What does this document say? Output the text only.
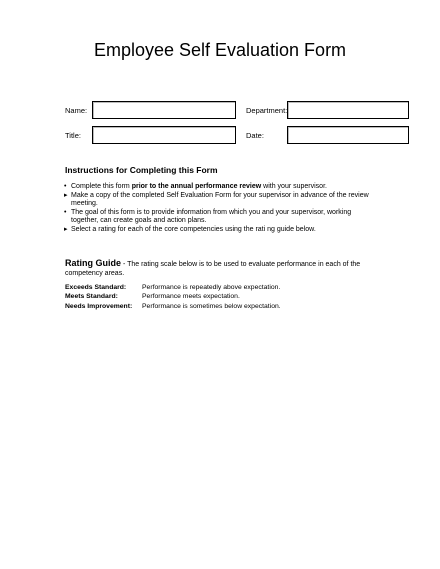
Employee Self Evaluation Form
Name:	Department:
Title:	Date:
Instructions for Completing this Form
• Complete this form prior to the annual performance review with your supervisor.
▸ Make a copy of the completed Self Evaluation Form for your supervisor in advance of the review meeting.
• The goal of this form is to provide information from which you and your supervisor, working together, can create goals and action plans.
▸ Select a rating for each of the core competencies using the rati ng guide below.
Rating Guide - The rating scale below is to be used to evaluate performance in each of the competency areas.
Exceeds Standard:	Performance is repeatedly above expectation.
Meets Standard:	Performance meets expectation.
Needs Improvement:	Performance is sometimes below expectation.
